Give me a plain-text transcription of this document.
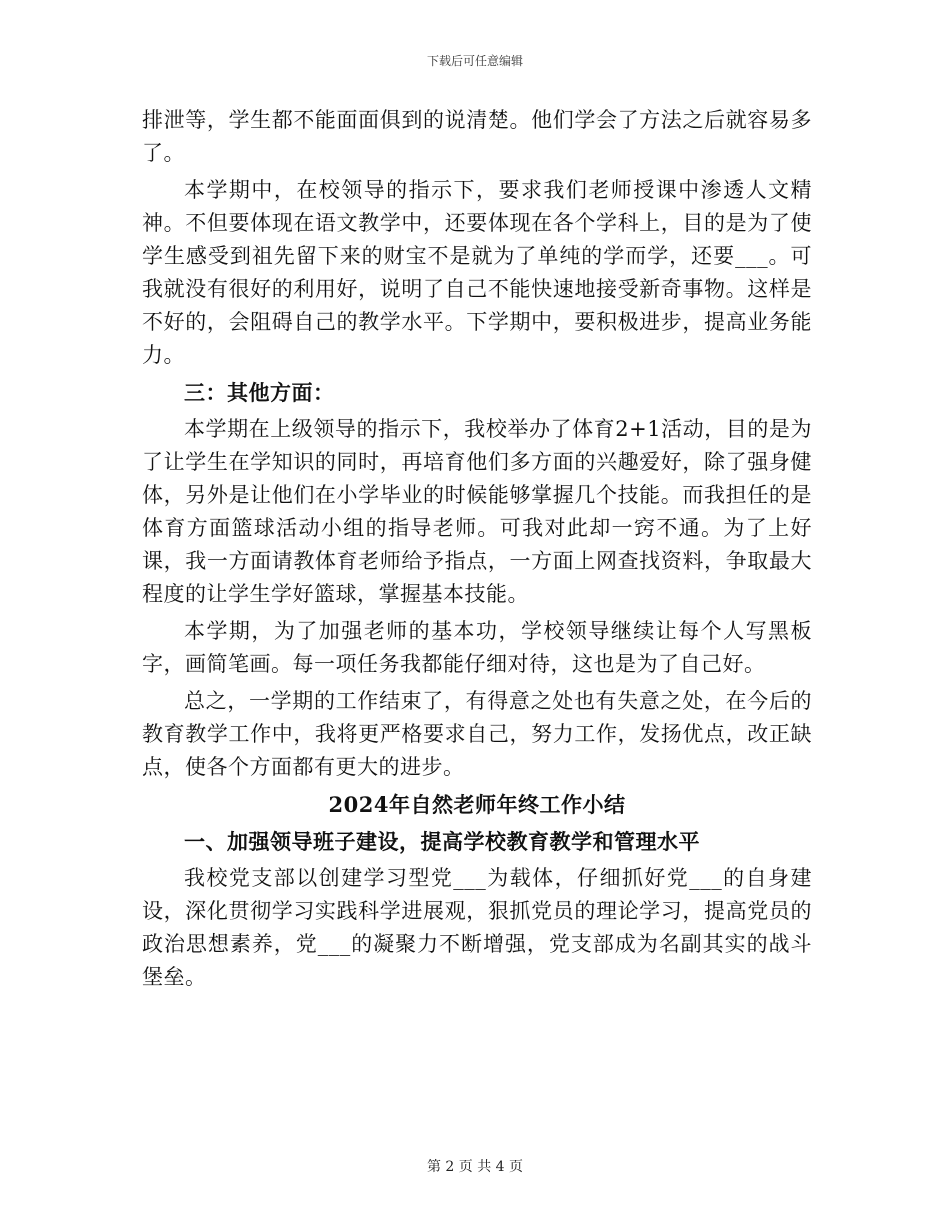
下载后可任意编辑

排泄等，学生都不能面面俱到的说清楚。他们学会了方法之后就容易多了。

本学期中，在校领导的指示下，要求我们老师授课中渗透人文精神。不但要体现在语文教学中，还要体现在各个学科上，目的是为了使学生感受到祖先留下来的财宝不是就为了单纯的学而学，还要___。可我就没有很好的利用好，说明了自己不能快速地接受新奇事物。这样是不好的，会阻碍自己的教学水平。下学期中，要积极进步，提高业务能力。

三：其他方面：

本学期在上级领导的指示下，我校举办了体育2+1活动，目的是为了让学生在学知识的同时，再培育他们多方面的兴趣爱好，除了强身健体，另外是让他们在小学毕业的时候能够掌握几个技能。而我担任的是体育方面篮球活动小组的指导老师。可我对此却一窍不通。为了上好课，我一方面请教体育老师给予指点，一方面上网查找资料，争取最大程度的让学生学好篮球，掌握基本技能。

本学期，为了加强老师的基本功，学校领导继续让每个人写黑板字，画简笔画。每一项任务我都能仔细对待，这也是为了自己好。

总之，一学期的工作结束了，有得意之处也有失意之处，在今后的教育教学工作中，我将更严格要求自己，努力工作，发扬优点，改正缺点，使各个方面都有更大的进步。

2024年自然老师年终工作小结

一、加强领导班子建设，提高学校教育教学和管理水平

我校党支部以创建学习型党___为载体，仔细抓好党___的自身建设，深化贯彻学习实践科学进展观，狠抓党员的理论学习，提高党员的政治思想素养，党___的凝聚力不断增强，党支部成为名副其实的战斗堡垒。

第 2 页 共 4 页
